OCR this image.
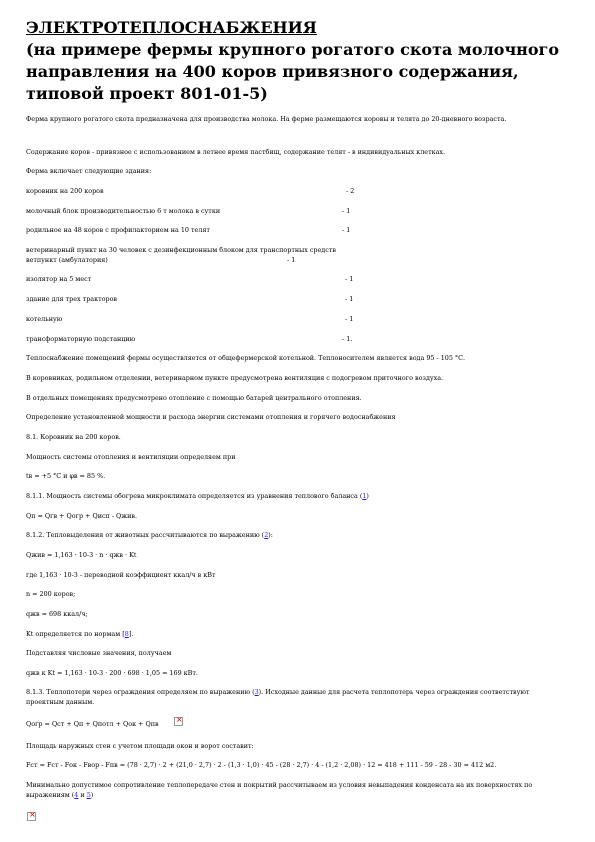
ЭЛЕКТРОТЕПЛОСНАБЖЕНИЯ
(на примере фермы крупного рогатого скота молочного направления на 400 коров привязного содержания, типовой проект 801-01-5)

Ферма крупного рогатого скота предназначена для производства молока. На ферме размещаются коровы и телята до 20-дневного возраста.

Содержание коров - привязное с использованием в летнее время пастбищ, содержание телят - в индивидуальных клетках.

Ферма включает следующие здания:

коровник на 200 коров	- 2

молочный блок производительностью 6 т молока в сутки	- 1

родильное на 48 коров с профилакторием на 10 телят	- 1

ветеринарный пункт на 30 человек с дезинфекционным блоком для транспортных средств ветпункт (амбулатория)	- 1

изолятор на 5 мест	- 1

здание для трех тракторов	- 1

котельную	- 1

трансформаторную подстанцию	- 1.

Теплоснабжение помещений фермы осуществляется от общефермерской котельной. Теплоносителем является вода 95 - 105 °С.

В коровниках, родильном отделении, ветеринарном пункте предусмотрена вентиляция с подогревом приточного воздуха.

В отдельных помещениях предусмотрено отопление с помощью батарей центрального отопления.

Определение установленной мощности и расхода энергии системами отопления и горячего водоснабжения

8.1. Коровник на 200 коров.

Мощность системы отопления и вентиляции определяем при

tв = +5 °С и φв = 85 %.

8.1.1. Мощность системы обогрева микроклимата определяется из уравнения теплового баланса (1)

Qп = Qгв + Qогр + Qисп - Qжив.

8.1.2. Тепловыделения от животных рассчитываются по выражению (2):

Qжив = 1,163 · 10-3 · n · qжв · Kt

где 1,163 · 10-3 - переводной коэффициент ккал/ч в кВт

n = 200 коров;

qжв = 698 ккал/ч;

Kt определяется по нормам [8].

Подставляя числовые значения, получаем

qжв к Kt = 1,163 · 10-3 · 200 · 698 · 1,05 = 169 кВт.

8.1.3. Теплопотери через ограждения определяем по выражению (3). Исходные данные для расчета теплопотерь через ограждения соответствуют проектным данным.

Qогр = Qст + Qп + Qпотл + Qок + Qпв

×

Площадь наружных стен с учетом площади окон и ворот составит:

Fст = Fст - Fок - Fвор - Fпв = (78 · 2,7) · 2 + (21,0 · 2,7) · 2 - (1,3 · 1,0) · 45 - (28 · 2,7) · 4 - (1,2 · 2,08) · 12 = 418 + 111 - 59 - 28 - 30 = 412 м2.

Минимально допустимое сопротивление теплопередаче стен и покрытий рассчитываем из условия невыпадения конденсата на их поверхностях по выражениям (4 и 5)

×
